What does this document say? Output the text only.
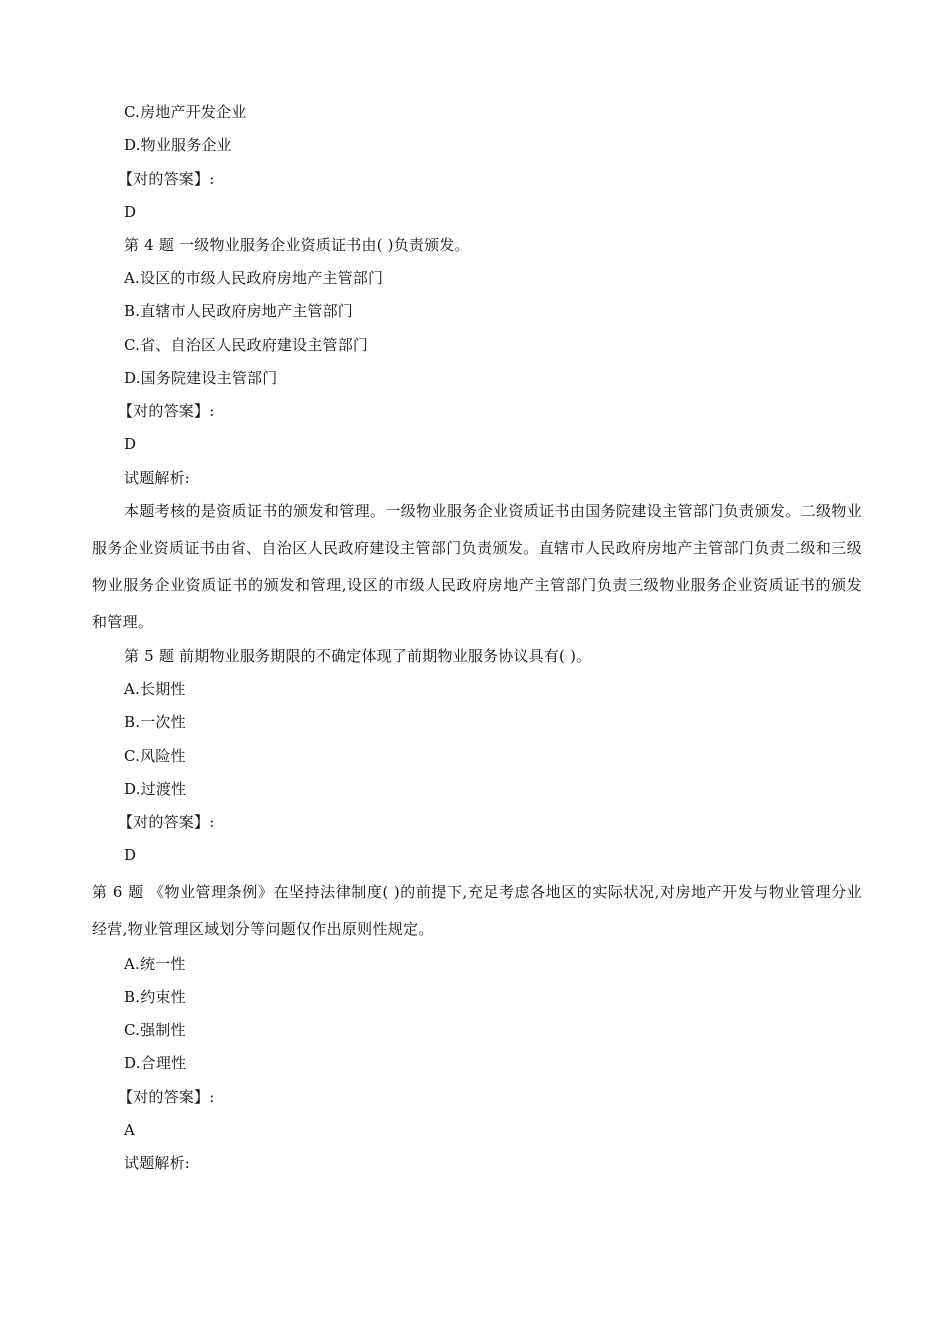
C.房地产开发企业
D.物业服务企业
【对的答案】:
D
第 4 题 一级物业服务企业资质证书由( )负责颁发。
A.设区的市级人民政府房地产主管部门
B.直辖市人民政府房地产主管部门
C.省、自治区人民政府建设主管部门
D.国务院建设主管部门
【对的答案】:
D
试题解析:
本题考核的是资质证书的颁发和管理。一级物业服务企业资质证书由国务院建设主管部门负责颁发。二级物业服务企业资质证书由省、自治区人民政府建设主管部门负责颁发。直辖市人民政府房地产主管部门负责二级和三级物业服务企业资质证书的颁发和管理,设区的市级人民政府房地产主管部门负责三级物业服务企业资质证书的颁发和管理。
第 5 题 前期物业服务期限的不确定体现了前期物业服务协议具有( )。
A.长期性
B.一次性
C.风险性
D.过渡性
【对的答案】:
D
第 6 题 《物业管理条例》在坚持法律制度( )的前提下,充足考虑各地区的实际状况,对房地产开发与物业管理分业经营,物业管理区域划分等问题仅作出原则性规定。
A.统一性
B.约束性
C.强制性
D.合理性
【对的答案】:
A
试题解析:
